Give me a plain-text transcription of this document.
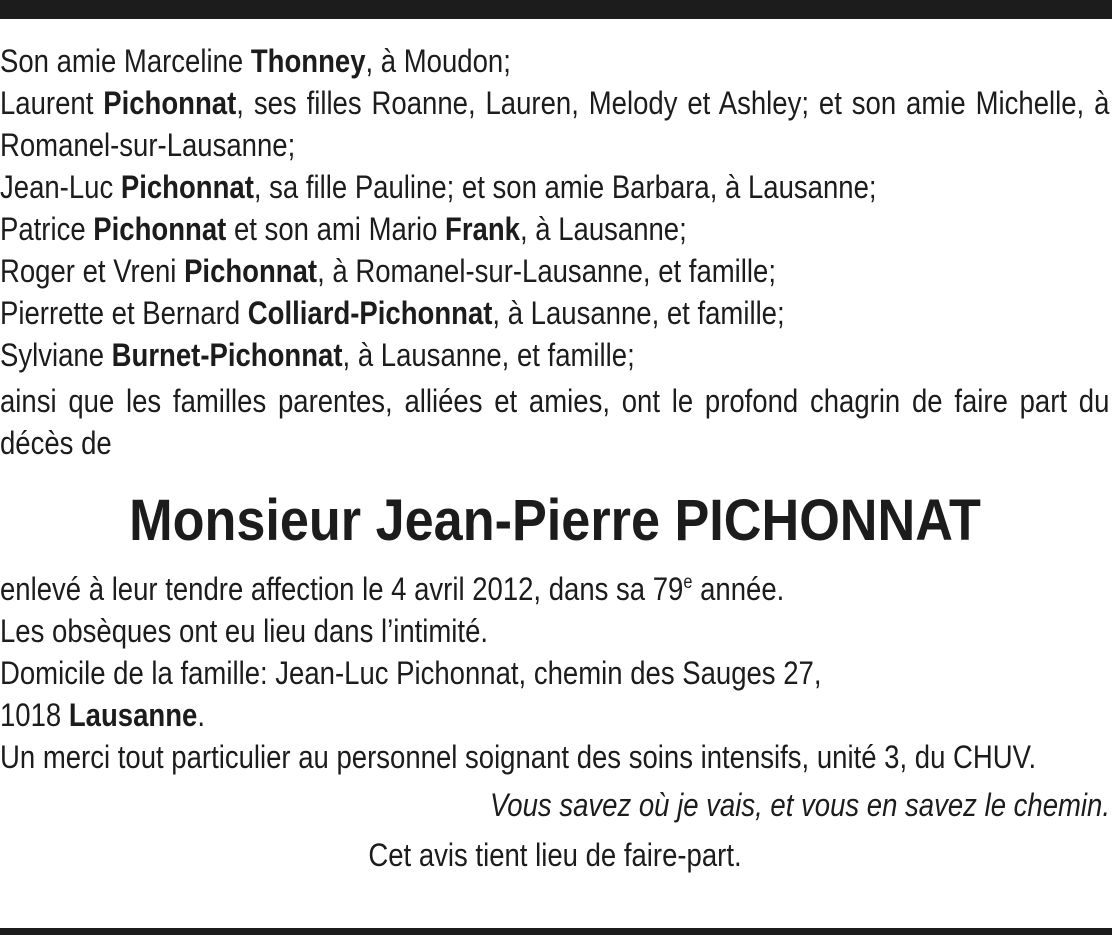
Son amie Marceline Thonney, à Moudon;

Laurent Pichonnat, ses filles Roanne, Lauren, Melody et Ashley; et son amie Michelle, à Romanel-sur-Lausanne;

Jean-Luc Pichonnat, sa fille Pauline; et son amie Barbara, à Lausanne;

Patrice Pichonnat et son ami Mario Frank, à Lausanne;

Roger et Vreni Pichonnat, à Romanel-sur-Lausanne, et famille;

Pierrette et Bernard Colliard-Pichonnat, à Lausanne, et famille;

Sylviane Burnet-Pichonnat, à Lausanne, et famille;

ainsi que les familles parentes, alliées et amies, ont le profond chagrin de faire part du décès de

Monsieur Jean-Pierre PICHONNAT

enlevé à leur tendre affection le 4 avril 2012, dans sa 79e année.

Les obsèques ont eu lieu dans l’intimité.

Domicile de la famille: Jean-Luc Pichonnat, chemin des Sauges 27,

1018 Lausanne.

Un merci tout particulier au personnel soignant des soins intensifs, unité 3, du CHUV.

Vous savez où je vais, et vous en savez le chemin.
Cet avis tient lieu de faire-part.
